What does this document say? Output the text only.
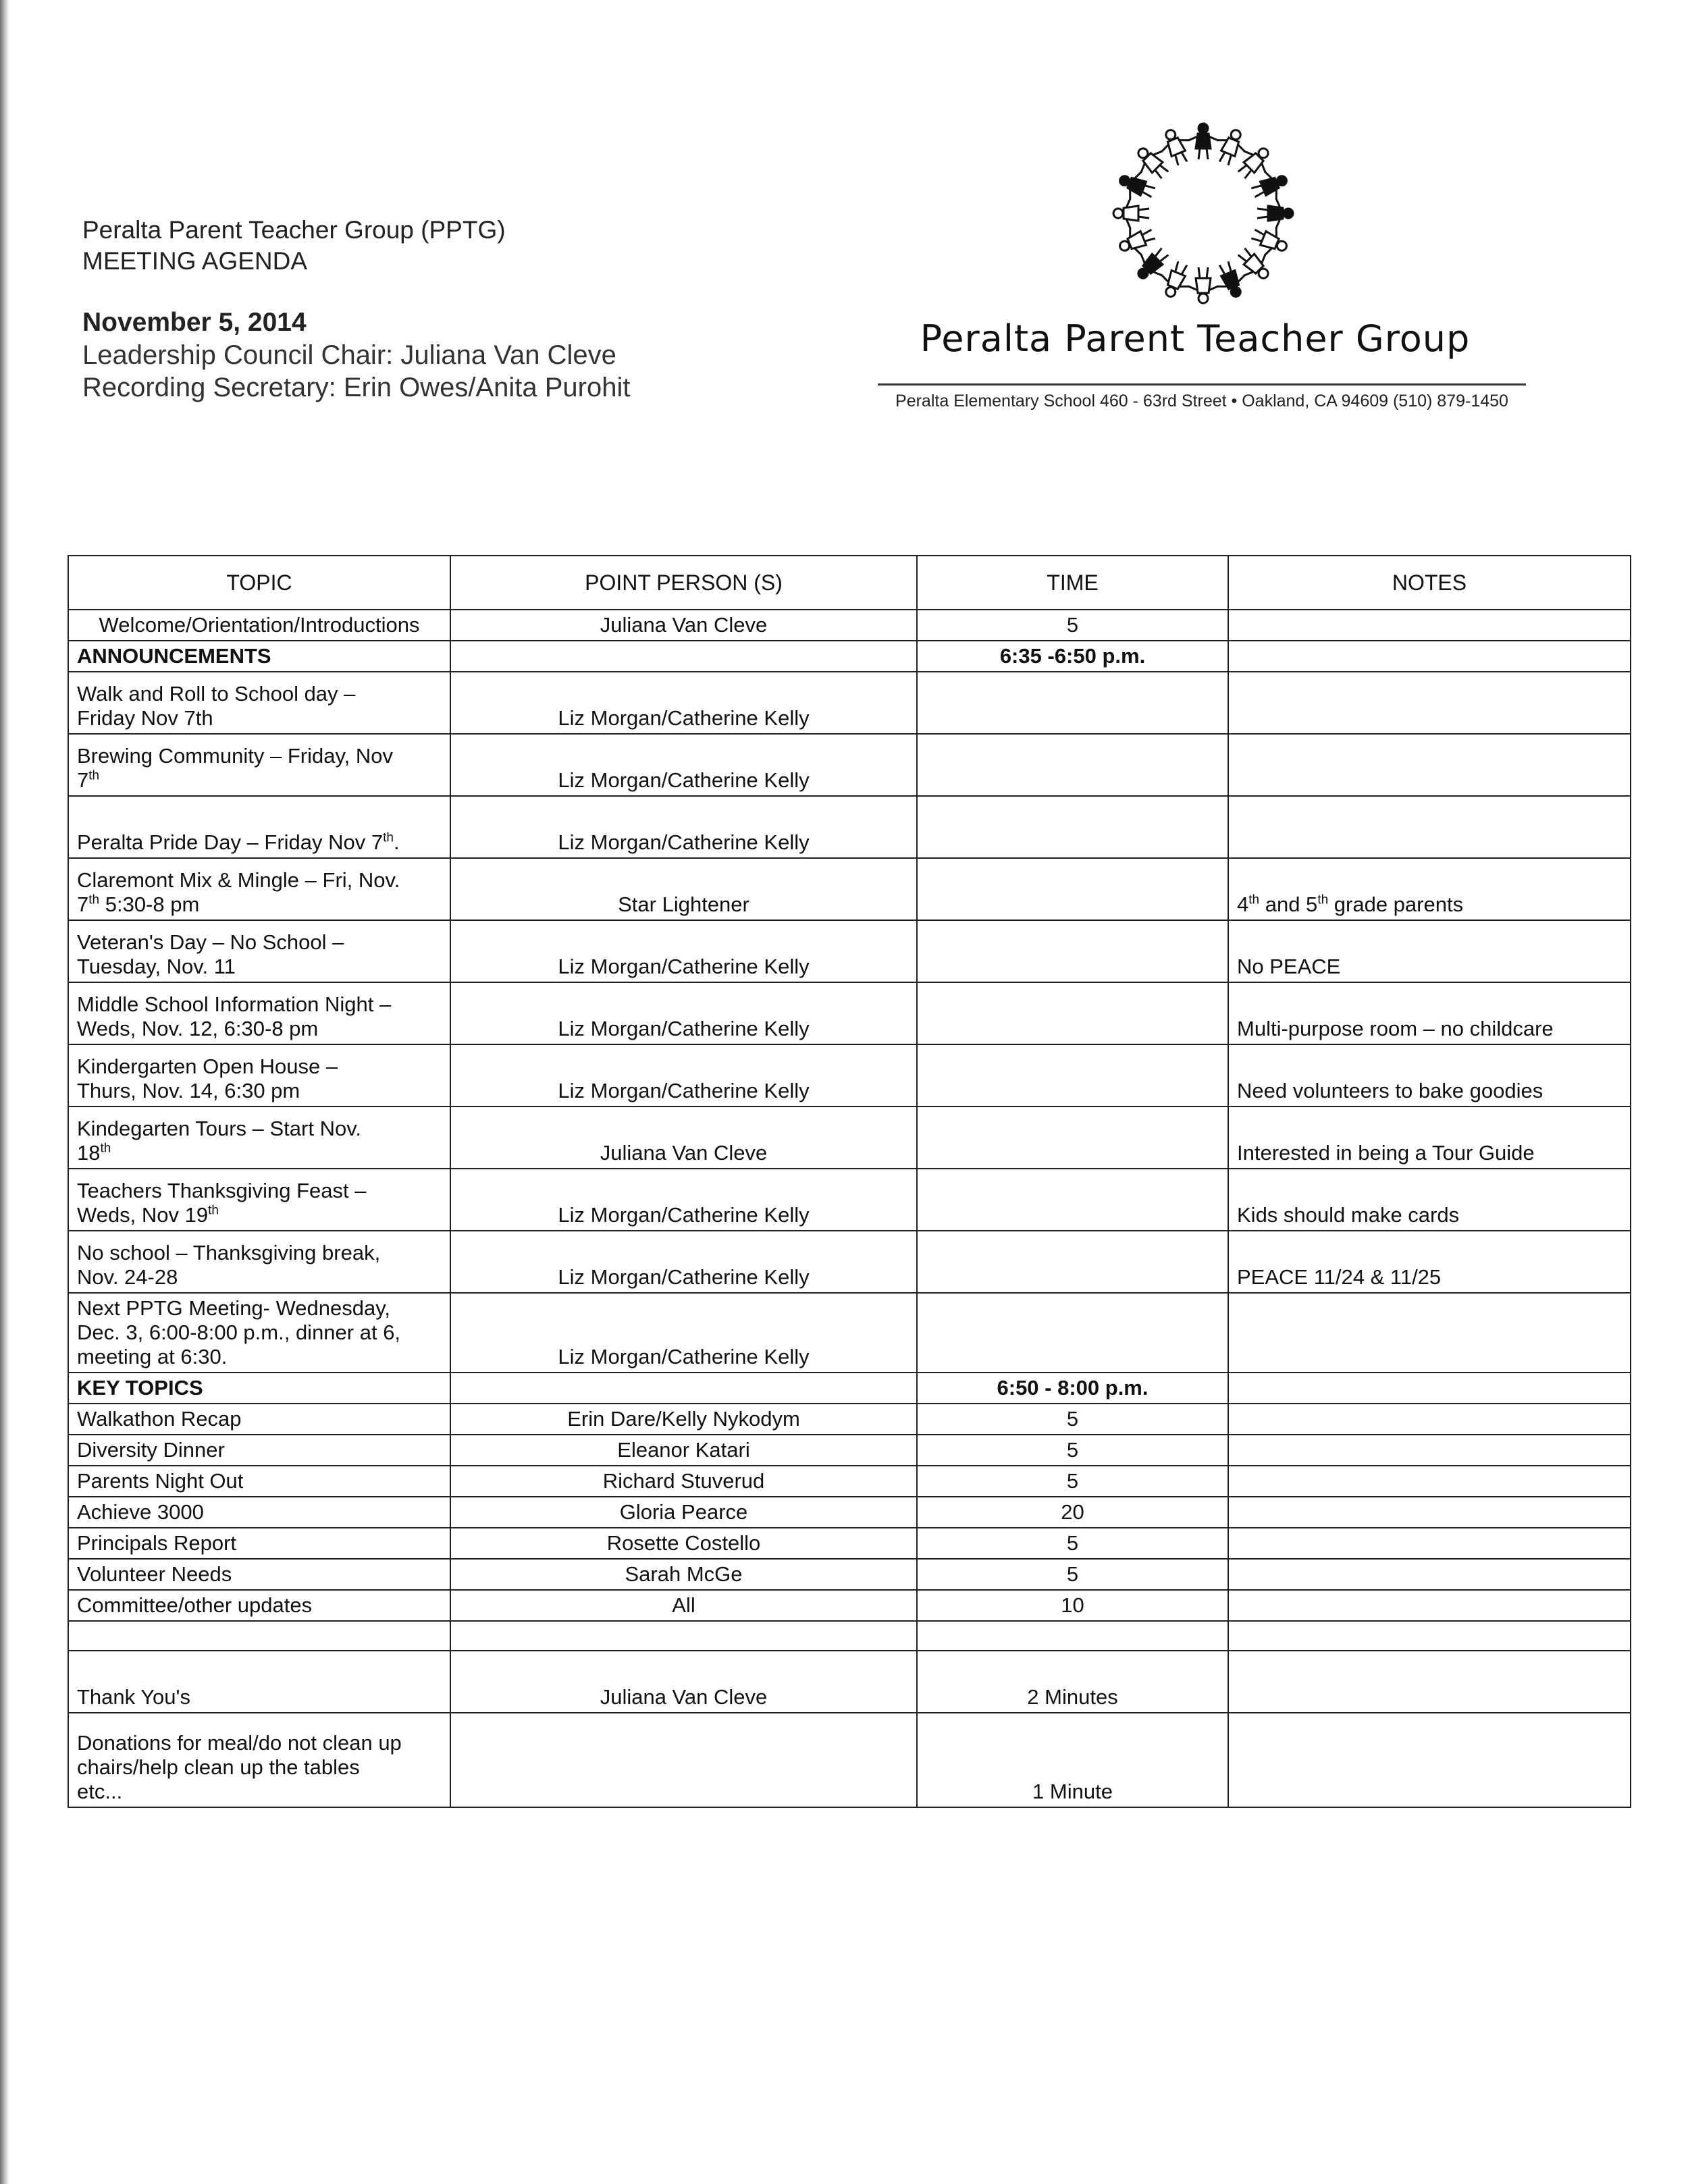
Peralta Parent Teacher Group (PPTG)
MEETING AGENDA
November 5, 2014
Leadership Council Chair: Juliana Van Cleve
Recording Secretary: Erin Owes/Anita Purohit
Peralta Parent Teacher Group
Peralta Elementary School 460 - 63rd Street • Oakland, CA 94609 (510) 879-1450
TOPIC	POINT PERSON (S)	TIME	NOTES
Welcome/Orientation/Introductions	Juliana Van Cleve	5	
ANNOUNCEMENTS		6:35 -6:50 p.m.	
Walk and Roll to School day –
Friday Nov 7th	Liz Morgan/Catherine Kelly		
Brewing Community – Friday, Nov
7th	Liz Morgan/Catherine Kelly		
Peralta Pride Day – Friday Nov 7th.	Liz Morgan/Catherine Kelly		
Claremont Mix & Mingle – Fri, Nov.
7th 5:30-8 pm	Star Lightener		4th and 5th grade parents
Veteran's Day – No School –
Tuesday, Nov. 11	Liz Morgan/Catherine Kelly		No PEACE
Middle School Information Night –
Weds, Nov. 12, 6:30-8 pm	Liz Morgan/Catherine Kelly		Multi-purpose room – no childcare
Kindergarten Open House –
Thurs, Nov. 14, 6:30 pm	Liz Morgan/Catherine Kelly		Need volunteers to bake goodies
Kindegarten Tours – Start Nov.
18th	Juliana Van Cleve		Interested in being a Tour Guide
Teachers Thanksgiving Feast –
Weds, Nov 19th	Liz Morgan/Catherine Kelly		Kids should make cards
No school – Thanksgiving break,
Nov. 24-28	Liz Morgan/Catherine Kelly		PEACE 11/24 & 11/25
Next PPTG Meeting- Wednesday,
Dec. 3, 6:00-8:00 p.m., dinner at 6,
meeting at 6:30.	Liz Morgan/Catherine Kelly		
KEY TOPICS		6:50 - 8:00 p.m.	
Walkathon Recap	Erin Dare/Kelly Nykodym	5	
Diversity Dinner	Eleanor Katari	5	
Parents Night Out	Richard Stuverud	5	
Achieve 3000	Gloria Pearce	20	
Principals Report	Rosette Costello	5	
Volunteer Needs	Sarah McGe	5	
Committee/other updates	All	10	

Thank You's	Juliana Van Cleve	2 Minutes	
Donations for meal/do not clean up
chairs/help clean up the tables
etc...		1 Minute	
